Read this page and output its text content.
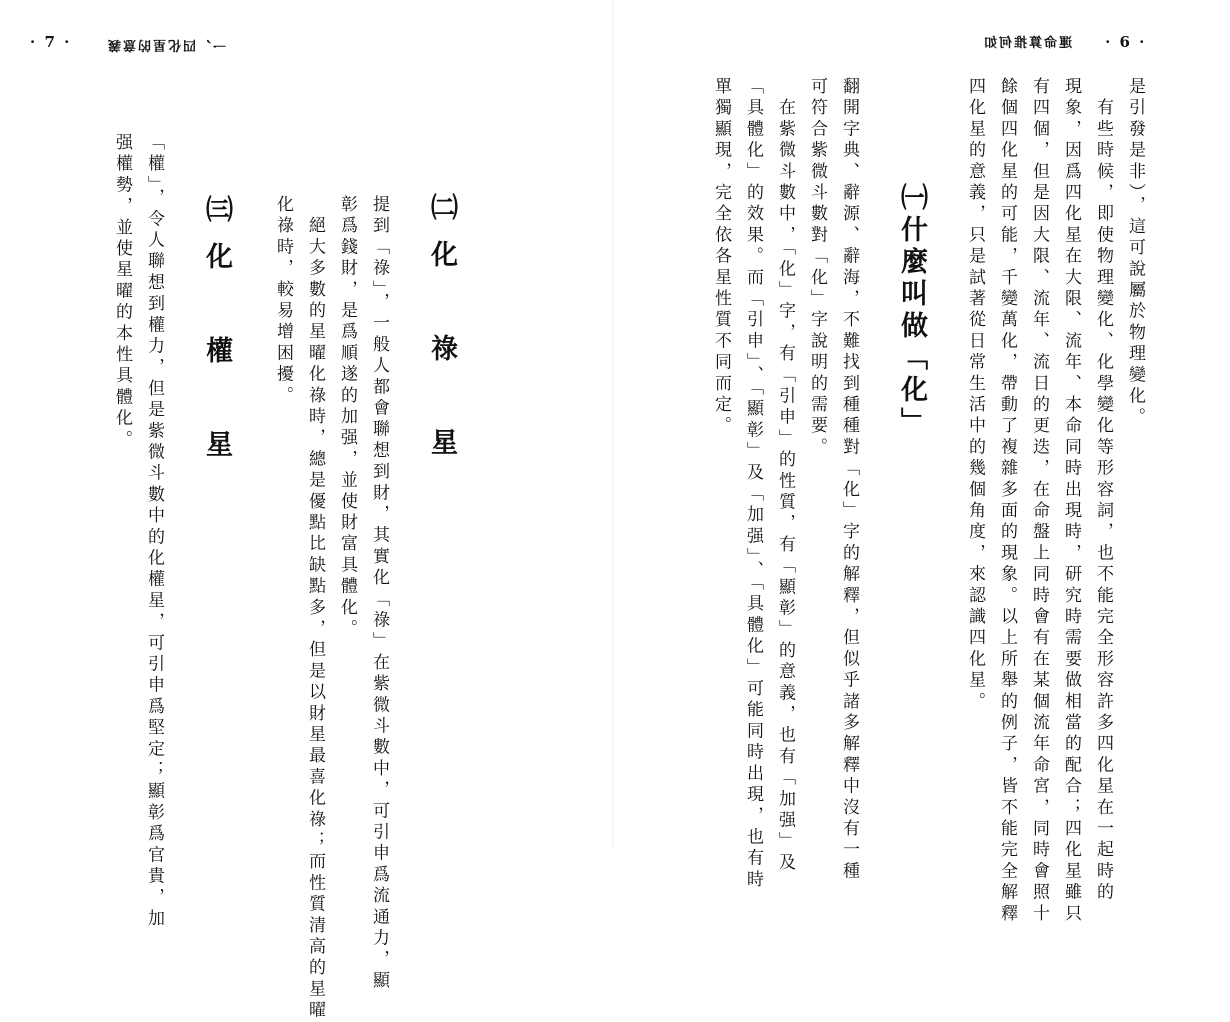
· 7 ·	一、四化星的意義
㈡化　祿　星
提到「祿」，一般人都會聯想到財，其實化「祿」在紫微斗數中，可引申爲流通力，顯
彰爲錢財，是爲順遂的加强，並使財富具體化。
　絕大多數的星曜化祿時，總是優點比缺點多，但是以財星最喜化祿；而性質清高的星曜
化祿時，較易增困擾。
㈢化　權　星
「權」，令人聯想到權力，但是紫微斗數中的化權星，可引申爲堅定；顯彰爲官貴，加
强權勢，並使星曜的本性具體化。
運命算推何如 · 6 ·
是引發是非），這可說屬於物理變化。
　有些時候，即使物理變化、化學變化等形容詞，也不能完全形容許多四化星在一起時的
現象，因爲四化星在大限、流年、本命同時出現時，研究時需要做相當的配合；四化星雖只
有四個，但是因大限、流年、流日的更迭，在命盤上同時會有在某個流年命宮，同時會照十
餘個四化星的可能，千變萬化，帶動了複雜多面的現象。以上所舉的例子，皆不能完全解釋
四化星的意義，只是試著從日常生活中的幾個角度，來認識四化星。
㈠什麼叫做「化」
翻開字典、辭源、辭海，不難找到種種對「化」字的解釋，但似乎諸多解釋中沒有一種
可符合紫微斗數對「化」字說明的需要。
　在紫微斗數中，「化」字，有「引申」的性質，有「顯彰」的意義，也有「加强」及
「具體化」的效果。而「引申」、「顯彰」及「加强」、「具體化」可能同時出現，也有時
單獨顯現，完全依各星性質不同而定。
